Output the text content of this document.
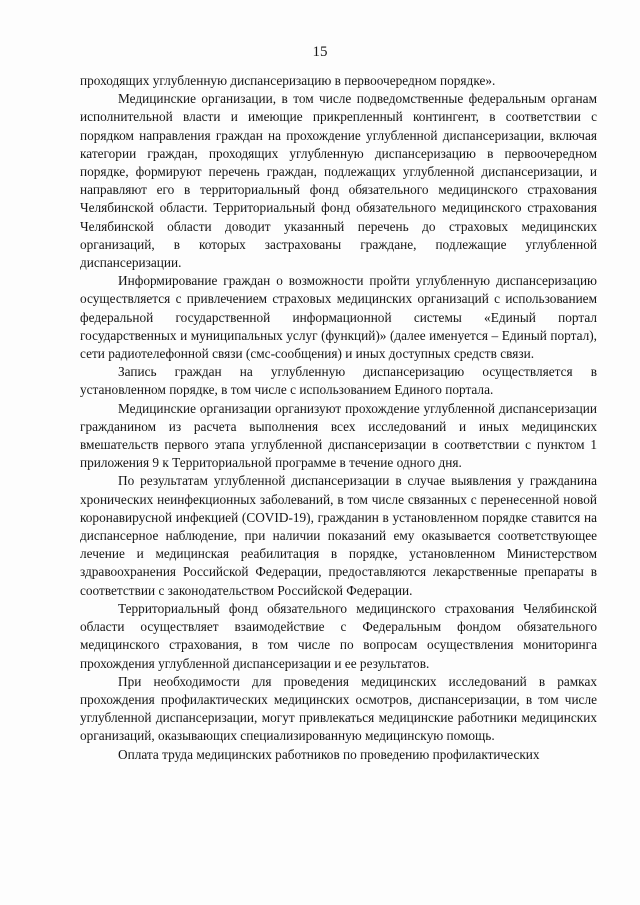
15

проходящих углубленную диспансеризацию в первоочередном порядке».

Медицинские организации, в том числе подведомственные федеральным органам исполнительной власти и имеющие прикрепленный контингент, в соответствии с порядком направления граждан на прохождение углубленной диспансеризации, включая категории граждан, проходящих углубленную диспансеризацию в первоочередном порядке, формируют перечень граждан, подлежащих углубленной диспансеризации, и направляют его в территориальный фонд обязательного медицинского страхования Челябинской области. Территориальный фонд обязательного медицинского страхования Челябинской области доводит указанный перечень до страховых медицинских организаций, в которых застрахованы граждане, подлежащие углубленной диспансеризации.

Информирование граждан о возможности пройти углубленную диспансеризацию осуществляется с привлечением страховых медицинских организаций с использованием федеральной государственной информационной системы «Единый портал государственных и муниципальных услуг (функций)» (далее именуется – Единый портал), сети радиотелефонной связи (смс-сообщения) и иных доступных средств связи.

Запись граждан на углубленную диспансеризацию осуществляется в установленном порядке, в том числе с использованием Единого портала.

Медицинские организации организуют прохождение углубленной диспансеризации гражданином из расчета выполнения всех исследований и иных медицинских вмешательств первого этапа углубленной диспансеризации в соответствии с пунктом 1 приложения 9 к Территориальной программе в течение одного дня.

По результатам углубленной диспансеризации в случае выявления у гражданина хронических неинфекционных заболеваний, в том числе связанных с перенесенной новой коронавирусной инфекцией (COVID-19), гражданин в установленном порядке ставится на диспансерное наблюдение, при наличии показаний ему оказывается соответствующее лечение и медицинская реабилитация в порядке, установленном Министерством здравоохранения Российской Федерации, предоставляются лекарственные препараты в соответствии с законодательством Российской Федерации.

Территориальный фонд обязательного медицинского страхования Челябинской области осуществляет взаимодействие с Федеральным фондом обязательного медицинского страхования, в том числе по вопросам осуществления мониторинга прохождения углубленной диспансеризации и ее результатов.

При необходимости для проведения медицинских исследований в рамках прохождения профилактических медицинских осмотров, диспансеризации, в том числе углубленной диспансеризации, могут привлекаться медицинские работники медицинских организаций, оказывающих специализированную медицинскую помощь.

Оплата труда медицинских работников по проведению профилактических
